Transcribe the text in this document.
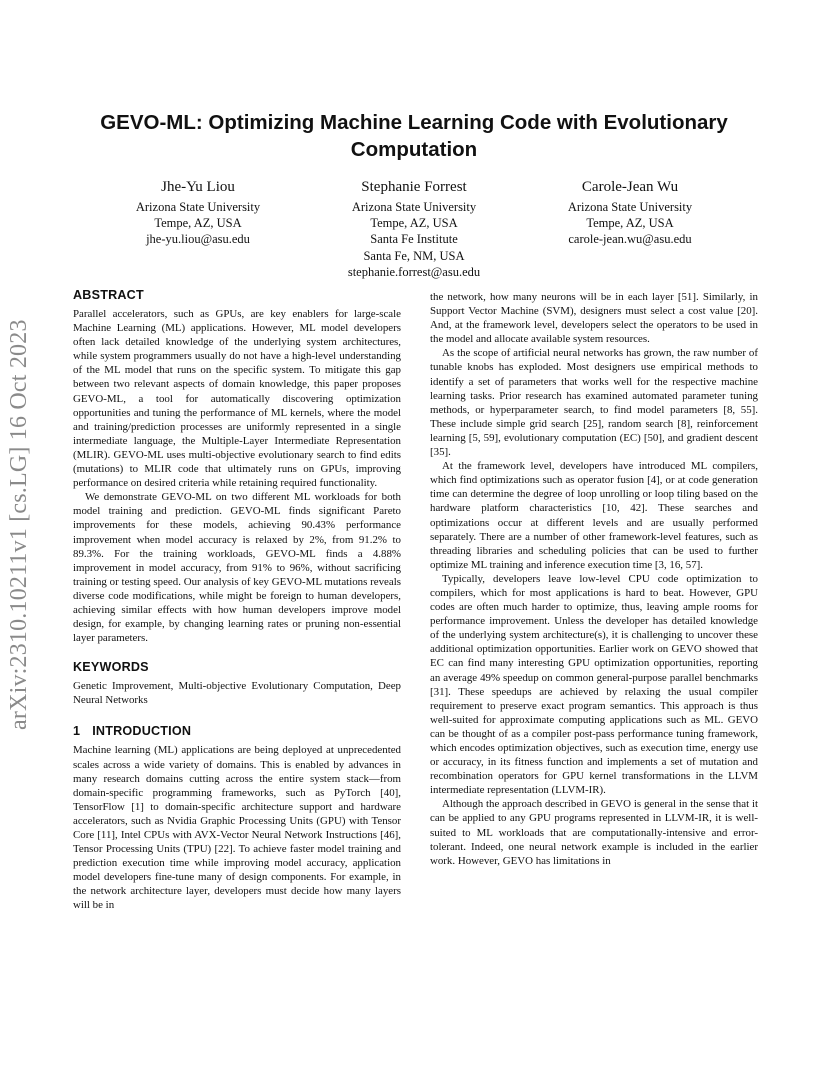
arXiv:2310.10211v1 [cs.LG] 16 Oct 2023
GEVO-ML: Optimizing Machine Learning Code with Evolutionary Computation
Jhe-Yu Liou
Arizona State University
Tempe, AZ, USA
jhe-yu.liou@asu.edu
Stephanie Forrest
Arizona State University
Tempe, AZ, USA
Santa Fe Institute
Santa Fe, NM, USA
stephanie.forrest@asu.edu
Carole-Jean Wu
Arizona State University
Tempe, AZ, USA
carole-jean.wu@asu.edu
ABSTRACT

Parallel accelerators, such as GPUs, are key enablers for large-scale Machine Learning (ML) applications. However, ML model developers often lack detailed knowledge of the underlying system architectures, while system programmers usually do not have a high-level understanding of the ML model that runs on the specific system. To mitigate this gap between two relevant aspects of domain knowledge, this paper proposes GEVO-ML, a tool for automatically discovering optimization opportunities and tuning the performance of ML kernels, where the model and training/prediction processes are uniformly represented in a single intermediate language, the Multiple-Layer Intermediate Representation (MLIR). GEVO-ML uses multi-objective evolutionary search to find edits (mutations) to MLIR code that ultimately runs on GPUs, improving performance on desired criteria while retaining required functionality.

We demonstrate GEVO-ML on two different ML workloads for both model training and prediction. GEVO-ML finds significant Pareto improvements for these models, achieving 90.43% performance improvement when model accuracy is relaxed by 2%, from 91.2% to 89.3%. For the training workloads, GEVO-ML finds a 4.88% improvement in model accuracy, from 91% to 96%, without sacrificing training or testing speed. Our analysis of key GEVO-ML mutations reveals diverse code modifications, while might be foreign to human developers, achieving similar effects with how human developers improve model design, for example, by changing learning rates or pruning non-essential layer parameters.

KEYWORDS

Genetic Improvement, Multi-objective Evolutionary Computation, Deep Neural Networks

1 INTRODUCTION

Machine learning (ML) applications are being deployed at unprecedented scales across a wide variety of domains. This is enabled by advances in many research domains cutting across the entire system stack—from domain-specific programming frameworks, such as PyTorch [40], TensorFlow [1] to domain-specific architecture support and hardware accelerators, such as Nvidia Graphic Processing Units (GPU) with Tensor Core [11], Intel CPUs with AVX-Vector Neural Network Instructions [46], Tensor Processing Units (TPU) [22]. To achieve faster model training and prediction execution time while improving model accuracy, application model developers fine-tune many of design components. For example, in the network architecture layer, developers must decide how many layers will be in

the network, how many neurons will be in each layer [51]. Similarly, in Support Vector Machine (SVM), designers must select a cost value [20]. And, at the framework level, developers select the operators to be used in the model and allocate available system resources.

As the scope of artificial neural networks has grown, the raw number of tunable knobs has exploded. Most designers use empirical methods to identify a set of parameters that works well for the respective machine learning tasks. Prior research has examined automated parameter tuning methods, or hyperparameter search, to find model parameters [8, 55]. These include simple grid search [25], random search [8], reinforcement learning [5, 59], evolutionary computation (EC) [50], and gradient descent [35].

At the framework level, developers have introduced ML compilers, which find optimizations such as operator fusion [4], or at code generation time can determine the degree of loop unrolling or loop tiling based on the hardware platform characteristics [10, 42]. These searches and optimizations occur at different levels and are usually performed separately. There are a number of other framework-level features, such as threading libraries and scheduling policies that can be used to further optimize ML training and inference execution time [3, 16, 57].

Typically, developers leave low-level CPU code optimization to compilers, which for most applications is hard to beat. However, GPU codes are often much harder to optimize, thus, leaving ample rooms for performance improvement. Unless the developer has detailed knowledge of the underlying system architecture(s), it is challenging to uncover these additional optimization opportunities. Earlier work on GEVO showed that EC can find many interesting GPU optimization opportunities, reporting an average 49% speedup on common general-purpose parallel benchmarks [31]. These speedups are achieved by relaxing the usual compiler requirement to preserve exact program semantics. This approach is thus well-suited for approximate computing applications such as ML. GEVO can be thought of as a compiler post-pass performance tuning framework, which encodes optimization objectives, such as execution time, energy use or accuracy, in its fitness function and implements a set of mutation and recombination operators for GPU kernel transformations in the LLVM intermediate representation (LLVM-IR).

Although the approach described in GEVO is general in the sense that it can be applied to any GPU programs represented in LLVM-IR, it is well-suited to ML workloads that are computationally-intensive and error-tolerant. Indeed, one neural network example is included in the earlier work. However, GEVO has limitations in
